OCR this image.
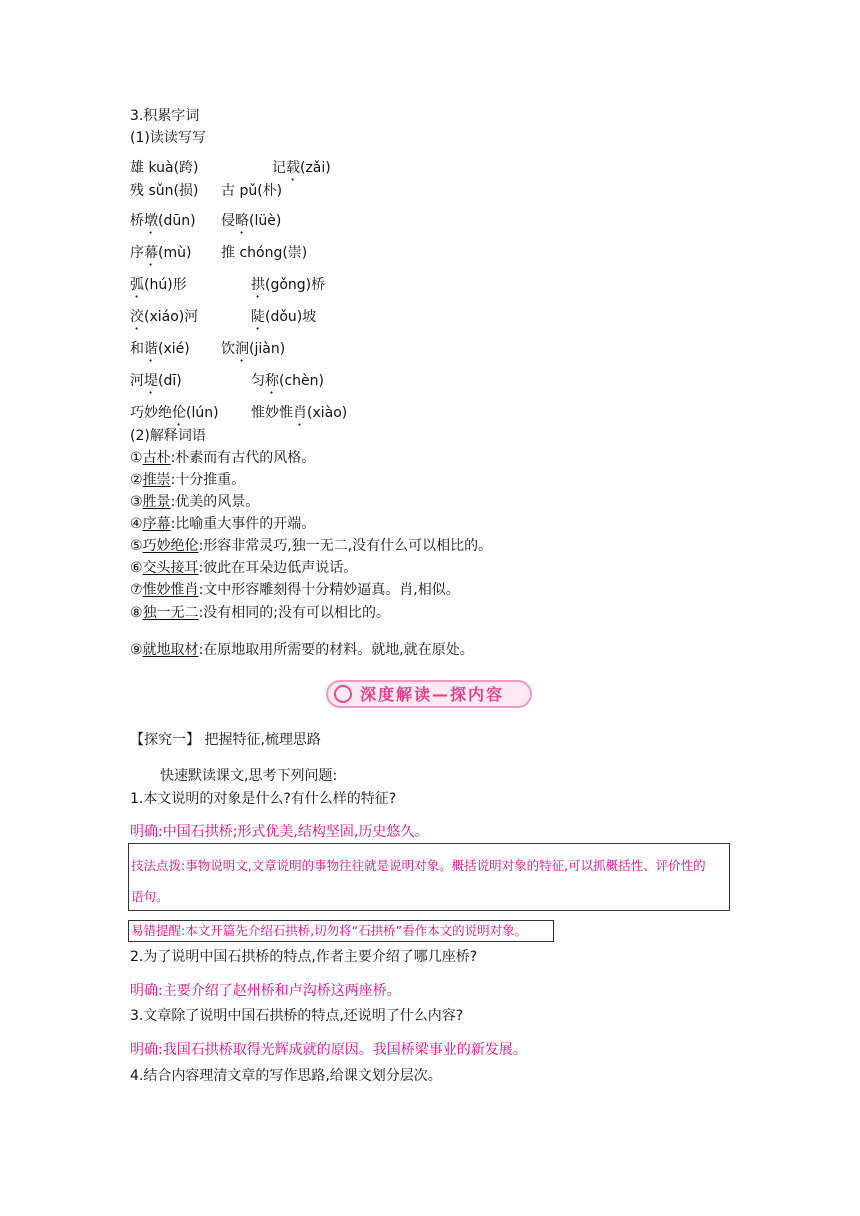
3.积累字词
(1)读读写写
雄 kuà(跨)	记载(zǎi)
残 sǔn(损) 古 pǔ(朴)
桥墩(dūn) 侵略(lüè)
序幕(mù) 推 chóng(崇)
弧(hú)形	拱(gǒng)桥
洨(xiáo)河	陡(dǒu)坡
和谐(xié) 饮涧(jiàn)
河堤(dī)	匀称(chèn)
巧妙绝伦(lún) 惟妙惟肖(xiào)
(2)解释词语
①古朴:朴素而有古代的风格。
②推崇:十分推重。
③胜景:优美的风景。
④序幕:比喻重大事件的开端。
⑤巧妙绝伦:形容非常灵巧,独一无二,没有什么可以相比的。
⑥交头接耳:彼此在耳朵边低声说话。
⑦惟妙惟肖:文中形容雕刻得十分精妙逼真。肖,相似。
⑧独一无二:没有相同的;没有可以相比的。
⑨就地取材:在原地取用所需要的材料。就地,就在原处。
深度解读—探内容
【探究一】 把握特征,梳理思路
快速默读课文,思考下列问题:
1.本文说明的对象是什么?有什么样的特征?
明确:中国石拱桥;形式优美,结构坚固,历史悠久。
技法点拨:事物说明文,文章说明的事物往往就是说明对象。概括说明对象的特征,可以抓概括性、评价性的
语句。
易错提醒:本文开篇先介绍石拱桥,切勿将“石拱桥”看作本文的说明对象。
2.为了说明中国石拱桥的特点,作者主要介绍了哪几座桥?
明确:主要介绍了赵州桥和卢沟桥这两座桥。
3.文章除了说明中国石拱桥的特点,还说明了什么内容?
明确:我国石拱桥取得光辉成就的原因。我国桥梁事业的新发展。
4.结合内容理清文章的写作思路,给课文划分层次。
